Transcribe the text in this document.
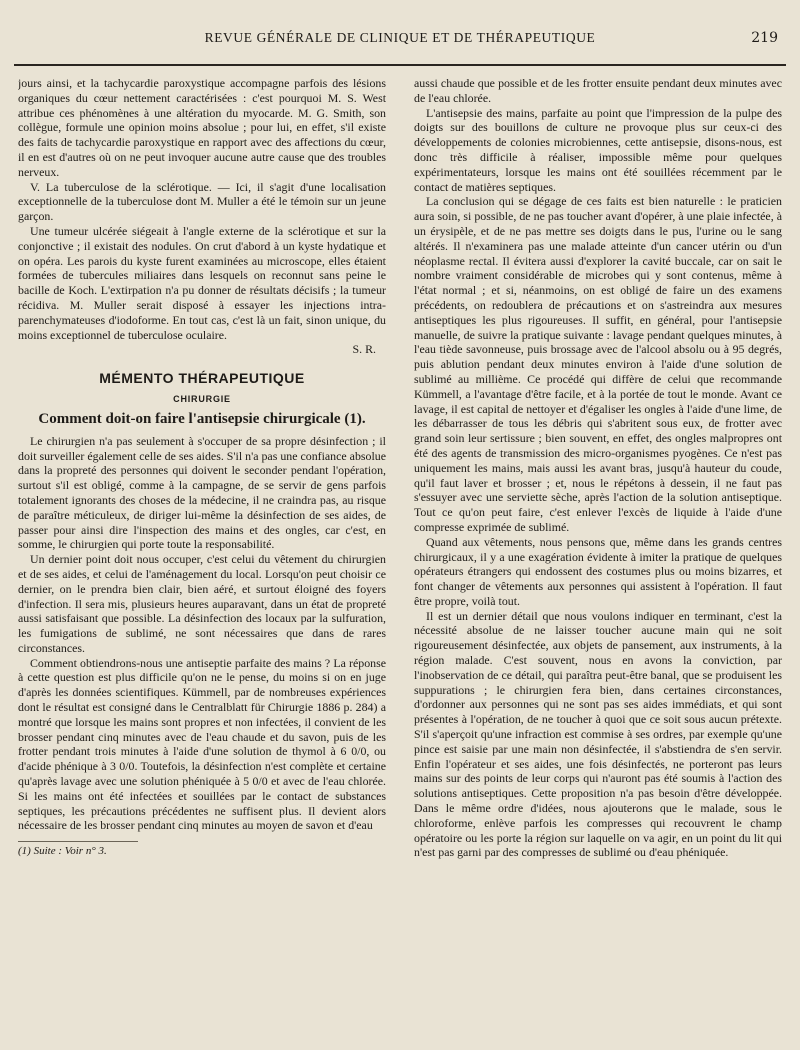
REVUE GÉNÉRALE DE CLINIQUE ET DE THÉRAPEUTIQUE	219

jours ainsi, et la tachycardie paroxystique accompagne parfois des lésions organiques du cœur nettement caractérisées : c'est pourquoi M. S. West attribue ces phénomènes à une altération du myocarde. M. G. Smith, son collègue, formule une opinion moins absolue ; pour lui, en effet, s'il existe des faits de tachycardie paroxystique en rapport avec des affections du cœur, il en est d'autres où on ne peut invoquer aucune autre cause que des troubles nerveux.

V. La tuberculose de la sclérotique. — Ici, il s'agit d'une localisation exceptionnelle de la tuberculose dont M. Muller a été le témoin sur un jeune garçon.

Une tumeur ulcérée siégeait à l'angle externe de la sclérotique et sur la conjonctive ; il existait des nodules. On crut d'abord à un kyste hydatique et on opéra. Les parois du kyste furent examinées au microscope, elles étaient formées de tubercules miliaires dans lesquels on reconnut sans peine le bacille de Koch. L'extirpation n'a pu donner de résultats décisifs ; la tumeur récidiva. M. Muller serait disposé à essayer les injections intra-parenchymateuses d'iodoforme. En tout cas, c'est là un fait, sinon unique, du moins exceptionnel de tuberculose oculaire.

S. R.

MÉMENTO THÉRAPEUTIQUE
CHIRURGIE
Comment doit-on faire l'antisepsie chirurgicale (1).

Le chirurgien n'a pas seulement à s'occuper de sa propre désinfection ; il doit surveiller également celle de ses aides. S'il n'a pas une confiance absolue dans la propreté des personnes qui doivent le seconder pendant l'opération, surtout s'il est obligé, comme à la campagne, de se servir de gens parfois totalement ignorants des choses de la médecine, il ne craindra pas, au risque de paraître méticuleux, de diriger lui-même la désinfection de ses aides, de passer pour ainsi dire l'inspection des mains et des ongles, car c'est, en somme, le chirurgien qui porte toute la responsabilité.

Un dernier point doit nous occuper, c'est celui du vêtement du chirurgien et de ses aides, et celui de l'aménagement du local. Lorsqu'on peut choisir ce dernier, on le prendra bien clair, bien aéré, et surtout éloigné des foyers d'infection. Il sera mis, plusieurs heures auparavant, dans un état de propreté aussi satisfaisant que possible. La désinfection des locaux par la sulfuration, les fumigations de sublimé, ne sont nécessaires que dans de rares circonstances.

Comment obtiendrons-nous une antiseptie parfaite des mains ? La réponse à cette question est plus difficile qu'on ne le pense, du moins si on en juge d'après les données scientifiques. Kümmell, par de nombreuses expériences dont le résultat est consigné dans le Centralblatt für Chirurgie 1886 p. 284) a montré que lorsque les mains sont propres et non infectées, il convient de les brosser pendant cinq minutes avec de l'eau chaude et du savon, puis de les frotter pendant trois minutes à l'aide d'une solution de thymol à 6 0/0, ou d'acide phénique à 3 0/0. Toutefois, la désinfection n'est complète et certaine qu'après lavage avec une solution phéniquée à 5 0/0 et avec de l'eau chlorée. Si les mains ont été infectées et souillées par le contact de substances septiques, les précautions précédentes ne suffisent plus. Il devient alors nécessaire de les brosser pendant cinq minutes au moyen de savon et d'eau

(1) Suite : Voir n° 3.

aussi chaude que possible et de les frotter ensuite pendant deux minutes avec de l'eau chlorée.

L'antisepsie des mains, parfaite au point que l'impression de la pulpe des doigts sur des bouillons de culture ne provoque plus sur ceux-ci des développements de colonies microbiennes, cette antisepsie, disons-nous, est donc très difficile à réaliser, impossible même pour quelques expérimentateurs, lorsque les mains ont été souillées récemment par le contact de matières septiques.

La conclusion qui se dégage de ces faits est bien naturelle : le praticien aura soin, si possible, de ne pas toucher avant d'opérer, à une plaie infectée, à un érysipèle, et de ne pas mettre ses doigts dans le pus, l'urine ou le sang altérés. Il n'examinera pas une malade atteinte d'un cancer utérin ou d'un néoplasme rectal. Il évitera aussi d'explorer la cavité buccale, car on sait le nombre vraiment considérable de microbes qui y sont contenus, même à l'état normal ; et si, néanmoins, on est obligé de faire un des examens précédents, on redoublera de précautions et on s'astreindra aux mesures antiseptiques les plus rigoureuses. Il suffit, en général, pour l'antisepsie manuelle, de suivre la pratique suivante : lavage pendant quelques minutes, à l'eau tiède savonneuse, puis brossage avec de l'alcool absolu ou à 95 degrés, puis ablution pendant deux minutes environ à l'aide d'une solution de sublimé au millième. Ce procédé qui diffère de celui que recommande Kümmell, a l'avantage d'être facile, et à la portée de tout le monde. Avant ce lavage, il est capital de nettoyer et d'égaliser les ongles à l'aide d'une lime, de les débarrasser de tous les débris qui s'abritent sous eux, de frotter avec grand soin leur sertissure ; bien souvent, en effet, des ongles malpropres ont été des agents de transmission des micro-organismes pyogènes. Ce n'est pas uniquement les mains, mais aussi les avant bras, jusqu'à hauteur du coude, qu'il faut laver et brosser ; et, nous le répétons à dessein, il ne faut pas s'essuyer avec une serviette sèche, après l'action de la solution antiseptique. Tout ce qu'on peut faire, c'est enlever l'excès de liquide à l'aide d'une compresse exprimée de sublimé.

Quand aux vêtements, nous pensons que, même dans les grands centres chirurgicaux, il y a une exagération évidente à imiter la pratique de quelques opérateurs étrangers qui endossent des costumes plus ou moins bizarres, et font changer de vêtements aux personnes qui assistent à l'opération. Il faut être propre, voilà tout.

Il est un dernier détail que nous voulons indiquer en terminant, c'est la nécessité absolue de ne laisser toucher aucune main qui ne soit rigoureusement désinfectée, aux objets de pansement, aux instruments, à la région malade. C'est souvent, nous en avons la conviction, par l'inobservation de ce détail, qui paraîtra peut-être banal, que se produisent les suppurations ; le chirurgien fera bien, dans certaines circonstances, d'ordonner aux personnes qui ne sont pas ses aides immédiats, et qui sont présentes à l'opération, de ne toucher à quoi que ce soit sous aucun prétexte. S'il s'aperçoit qu'une infraction est commise à ses ordres, par exemple qu'une pince est saisie par une main non désinfectée, il s'abstiendra de s'en servir. Enfin l'opérateur et ses aides, une fois désinfectés, ne porteront pas leurs mains sur des points de leur corps qui n'auront pas été soumis à l'action des solutions antiseptiques. Cette proposition n'a pas besoin d'être développée. Dans le même ordre d'idées, nous ajouterons que le malade, sous le chloroforme, enlève parfois les compresses qui recouvrent le champ opératoire ou les porte la région sur laquelle on va agir, en un point du lit qui n'est pas garni par des compresses de sublimé ou d'eau phéniquée.
